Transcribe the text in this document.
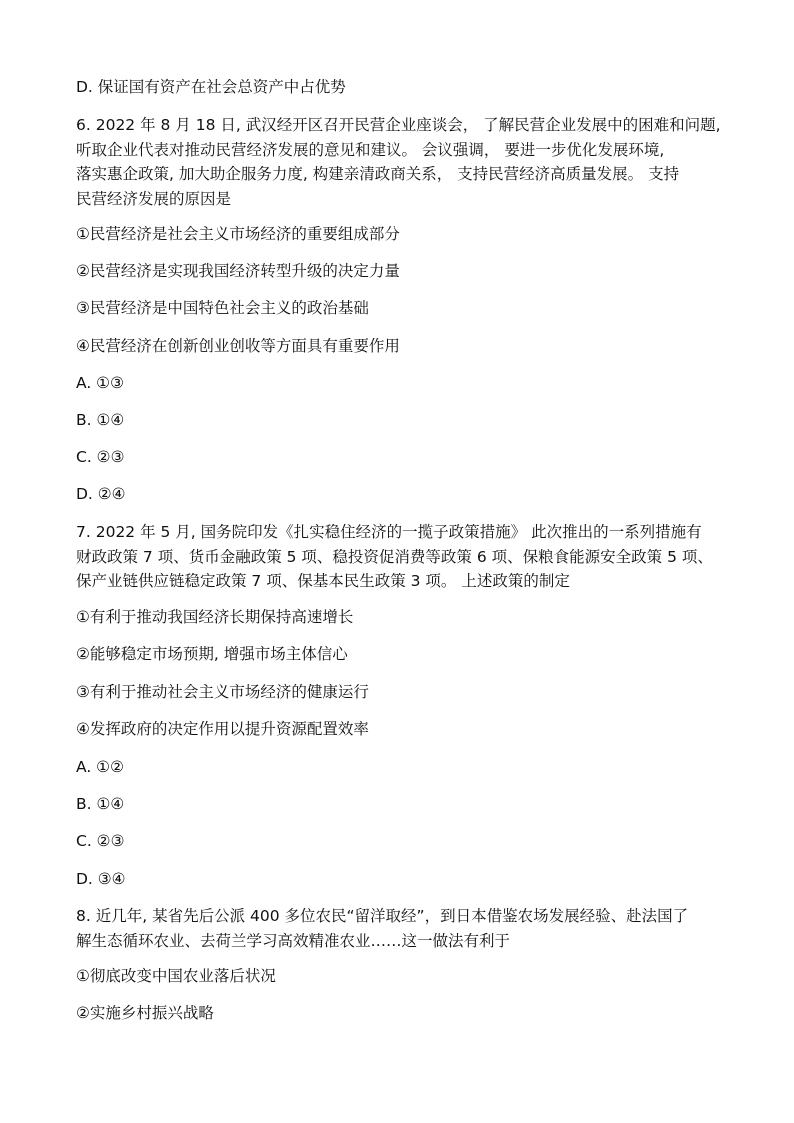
D. 保证国有资产在社会总资产中占优势
6. 2022 年 8 月 18 日, 武汉经开区召开民营企业座谈会， 了解民营企业发展中的困难和问题,
听取企业代表对推动民营经济发展的意见和建议。 会议强调， 要进一步优化发展环境,
落实惠企政策, 加大助企服务力度, 构建亲清政商关系， 支持民营经济高质量发展。 支持
民营经济发展的原因是
①民营经济是社会主义市场经济的重要组成部分
②民营经济是实现我国经济转型升级的决定力量
③民营经济是中国特色社会主义的政治基础
④民营经济在创新创业创收等方面具有重要作用
A. ①③
B. ①④
C. ②③
D. ②④
7. 2022 年 5 月, 国务院印发《扎实稳住经济的一揽子政策措施》 此次推出的一系列措施有
财政政策 7 项、货币金融政策 5 项、稳投资促消费等政策 6 项、保粮食能源安全政策 5 项、
保产业链供应链稳定政策 7 项、保基本民生政策 3 项。 上述政策的制定
①有利于推动我国经济长期保持高速增长
②能够稳定市场预期, 增强市场主体信心
③有利于推动社会主义市场经济的健康运行
④发挥政府的决定作用以提升资源配置效率
A. ①②
B. ①④
C. ②③
D. ③④
8. 近几年, 某省先后公派 400 多位农民“留洋取经”，到日本借鉴农场发展经验、赴法国了
解生态循环农业、去荷兰学习高效精准农业……这一做法有利于
①彻底改变中国农业落后状况
②实施乡村振兴战略
